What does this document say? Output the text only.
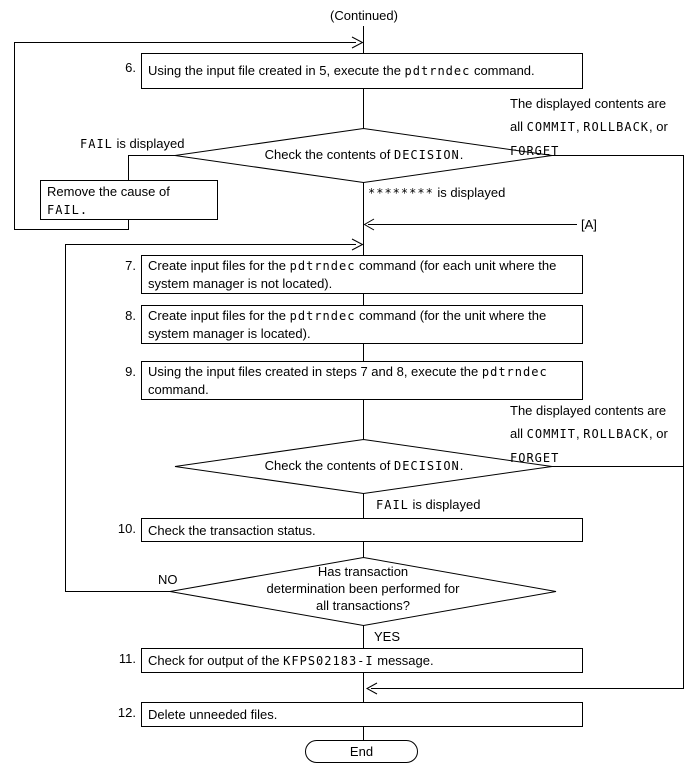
(Continued)
6. Using the input file created in 5, execute the pdtrndec command.
The displayed contents are
all COMMIT, ROLLBACK, or
FORGET
FAIL is displayed
Check the contents of DECISION.
******** is displayed
Remove the cause of
FAIL.
[A]
7. Create input files for the pdtrndec command (for each unit where the system manager is not located).
8. Create input files for the pdtrndec command (for the unit where the system manager is located).
9. Using the input files created in steps 7 and 8, execute the pdtrndec command.
The displayed contents are
all COMMIT, ROLLBACK, or
FORGET
Check the contents of DECISION.
FAIL is displayed
10. Check the transaction status.
NO
Has transaction
determination been performed for
all transactions?
YES
11. Check for output of the KFPS02183-I message.
12. Delete unneeded files.
End
